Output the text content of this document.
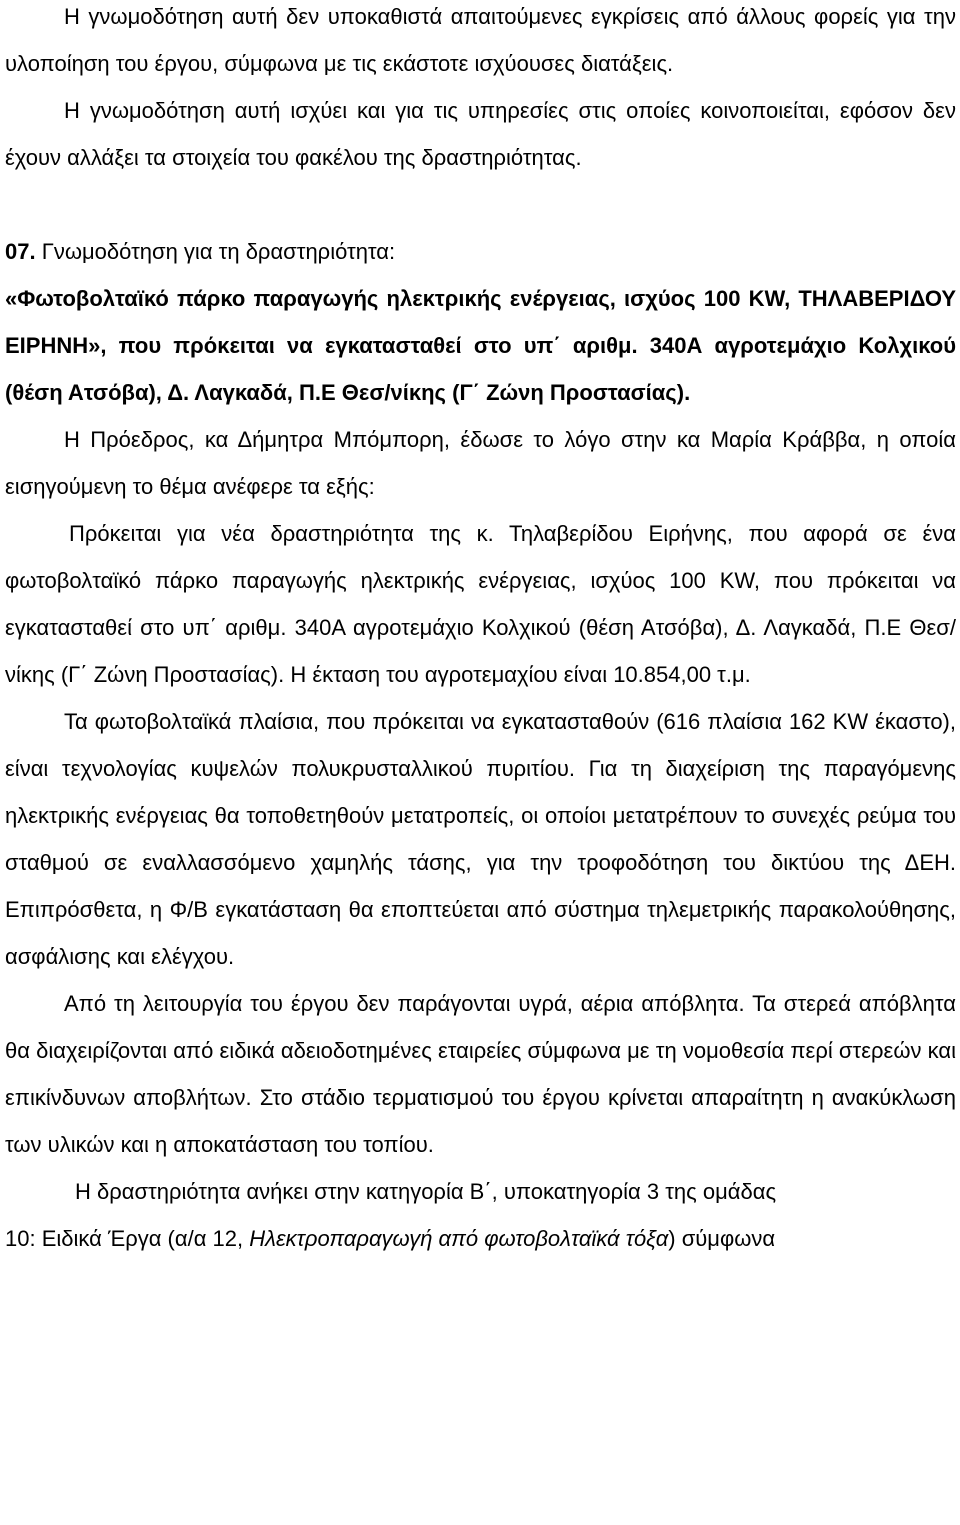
Η γνωμοδότηση αυτή δεν υποκαθιστά απαιτούμενες εγκρίσεις από άλλους φορείς για την υλοποίηση του έργου, σύμφωνα με τις εκάστοτε ισχύουσες διατάξεις.

Η γνωμοδότηση αυτή ισχύει και για τις υπηρεσίες στις οποίες κοινοποιείται, εφόσον δεν έχουν αλλάξει τα στοιχεία του φακέλου της δραστηριότητας.

07. Γνωμοδότηση για τη δραστηριότητα:
«Φωτοβολταϊκό πάρκο παραγωγής ηλεκτρικής ενέργειας, ισχύος 100 KW, ΤΗΛΑΒΕΡΙΔΟΥ ΕΙΡΗΝΗ», που πρόκειται να εγκατασταθεί στο υπ΄ αριθμ. 340Α αγροτεμάχιο Κολχικού (θέση Ατσόβα), Δ. Λαγκαδά, Π.Ε Θεσ/νίκης (Γ΄ Ζώνη Προστασίας).

Η Πρόεδρος, κα Δήμητρα Μπόμπορη, έδωσε το λόγο στην κα Μαρία Κράββα, η οποία εισηγούμενη το θέμα ανέφερε τα εξής:

Πρόκειται για νέα δραστηριότητα της κ. Τηλαβερίδου Ειρήνης, που αφορά σε ένα φωτοβολταϊκό πάρκο παραγωγής ηλεκτρικής ενέργειας, ισχύος 100 KW, που πρόκειται να εγκατασταθεί στο υπ΄ αριθμ. 340Α αγροτεμάχιο Κολχικού (θέση Ατσόβα), Δ. Λαγκαδά, Π.Ε Θεσ/νίκης (Γ΄ Ζώνη Προστασίας). Η έκταση του αγροτεμαχίου είναι 10.854,00 τ.μ.

Τα φωτοβολταϊκά πλαίσια, που πρόκειται να εγκατασταθούν (616 πλαίσια 162 KW έκαστο), είναι τεχνολογίας κυψελών πολυκρυσταλλικού πυριτίου. Για τη διαχείριση της παραγόμενης ηλεκτρικής ενέργειας θα τοποθετηθούν μετατροπείς, οι οποίοι μετατρέπουν το συνεχές ρεύμα του σταθμού σε εναλλασσόμενο χαμηλής τάσης, για την τροφοδότηση του δικτύου της ΔΕΗ. Επιπρόσθετα, η Φ/Β εγκατάσταση θα εποπτεύεται από σύστημα τηλεμετρικής παρακολούθησης, ασφάλισης και ελέγχου.

Από τη λειτουργία του έργου δεν παράγονται υγρά, αέρια απόβλητα. Τα στερεά απόβλητα θα διαχειρίζονται από ειδικά αδειοδοτημένες εταιρείες σύμφωνα με τη νομοθεσία περί στερεών και επικίνδυνων αποβλήτων. Στο στάδιο τερματισμού του έργου κρίνεται απαραίτητη η ανακύκλωση των υλικών και η αποκατάσταση του τοπίου.

Η δραστηριότητα ανήκει στην κατηγορία Β΄, υποκατηγορία 3 της ομάδας
10: Ειδικά Έργα (α/α 12, Ηλεκτροπαραγωγή από φωτοβολταϊκά τόξα) σύμφωνα
